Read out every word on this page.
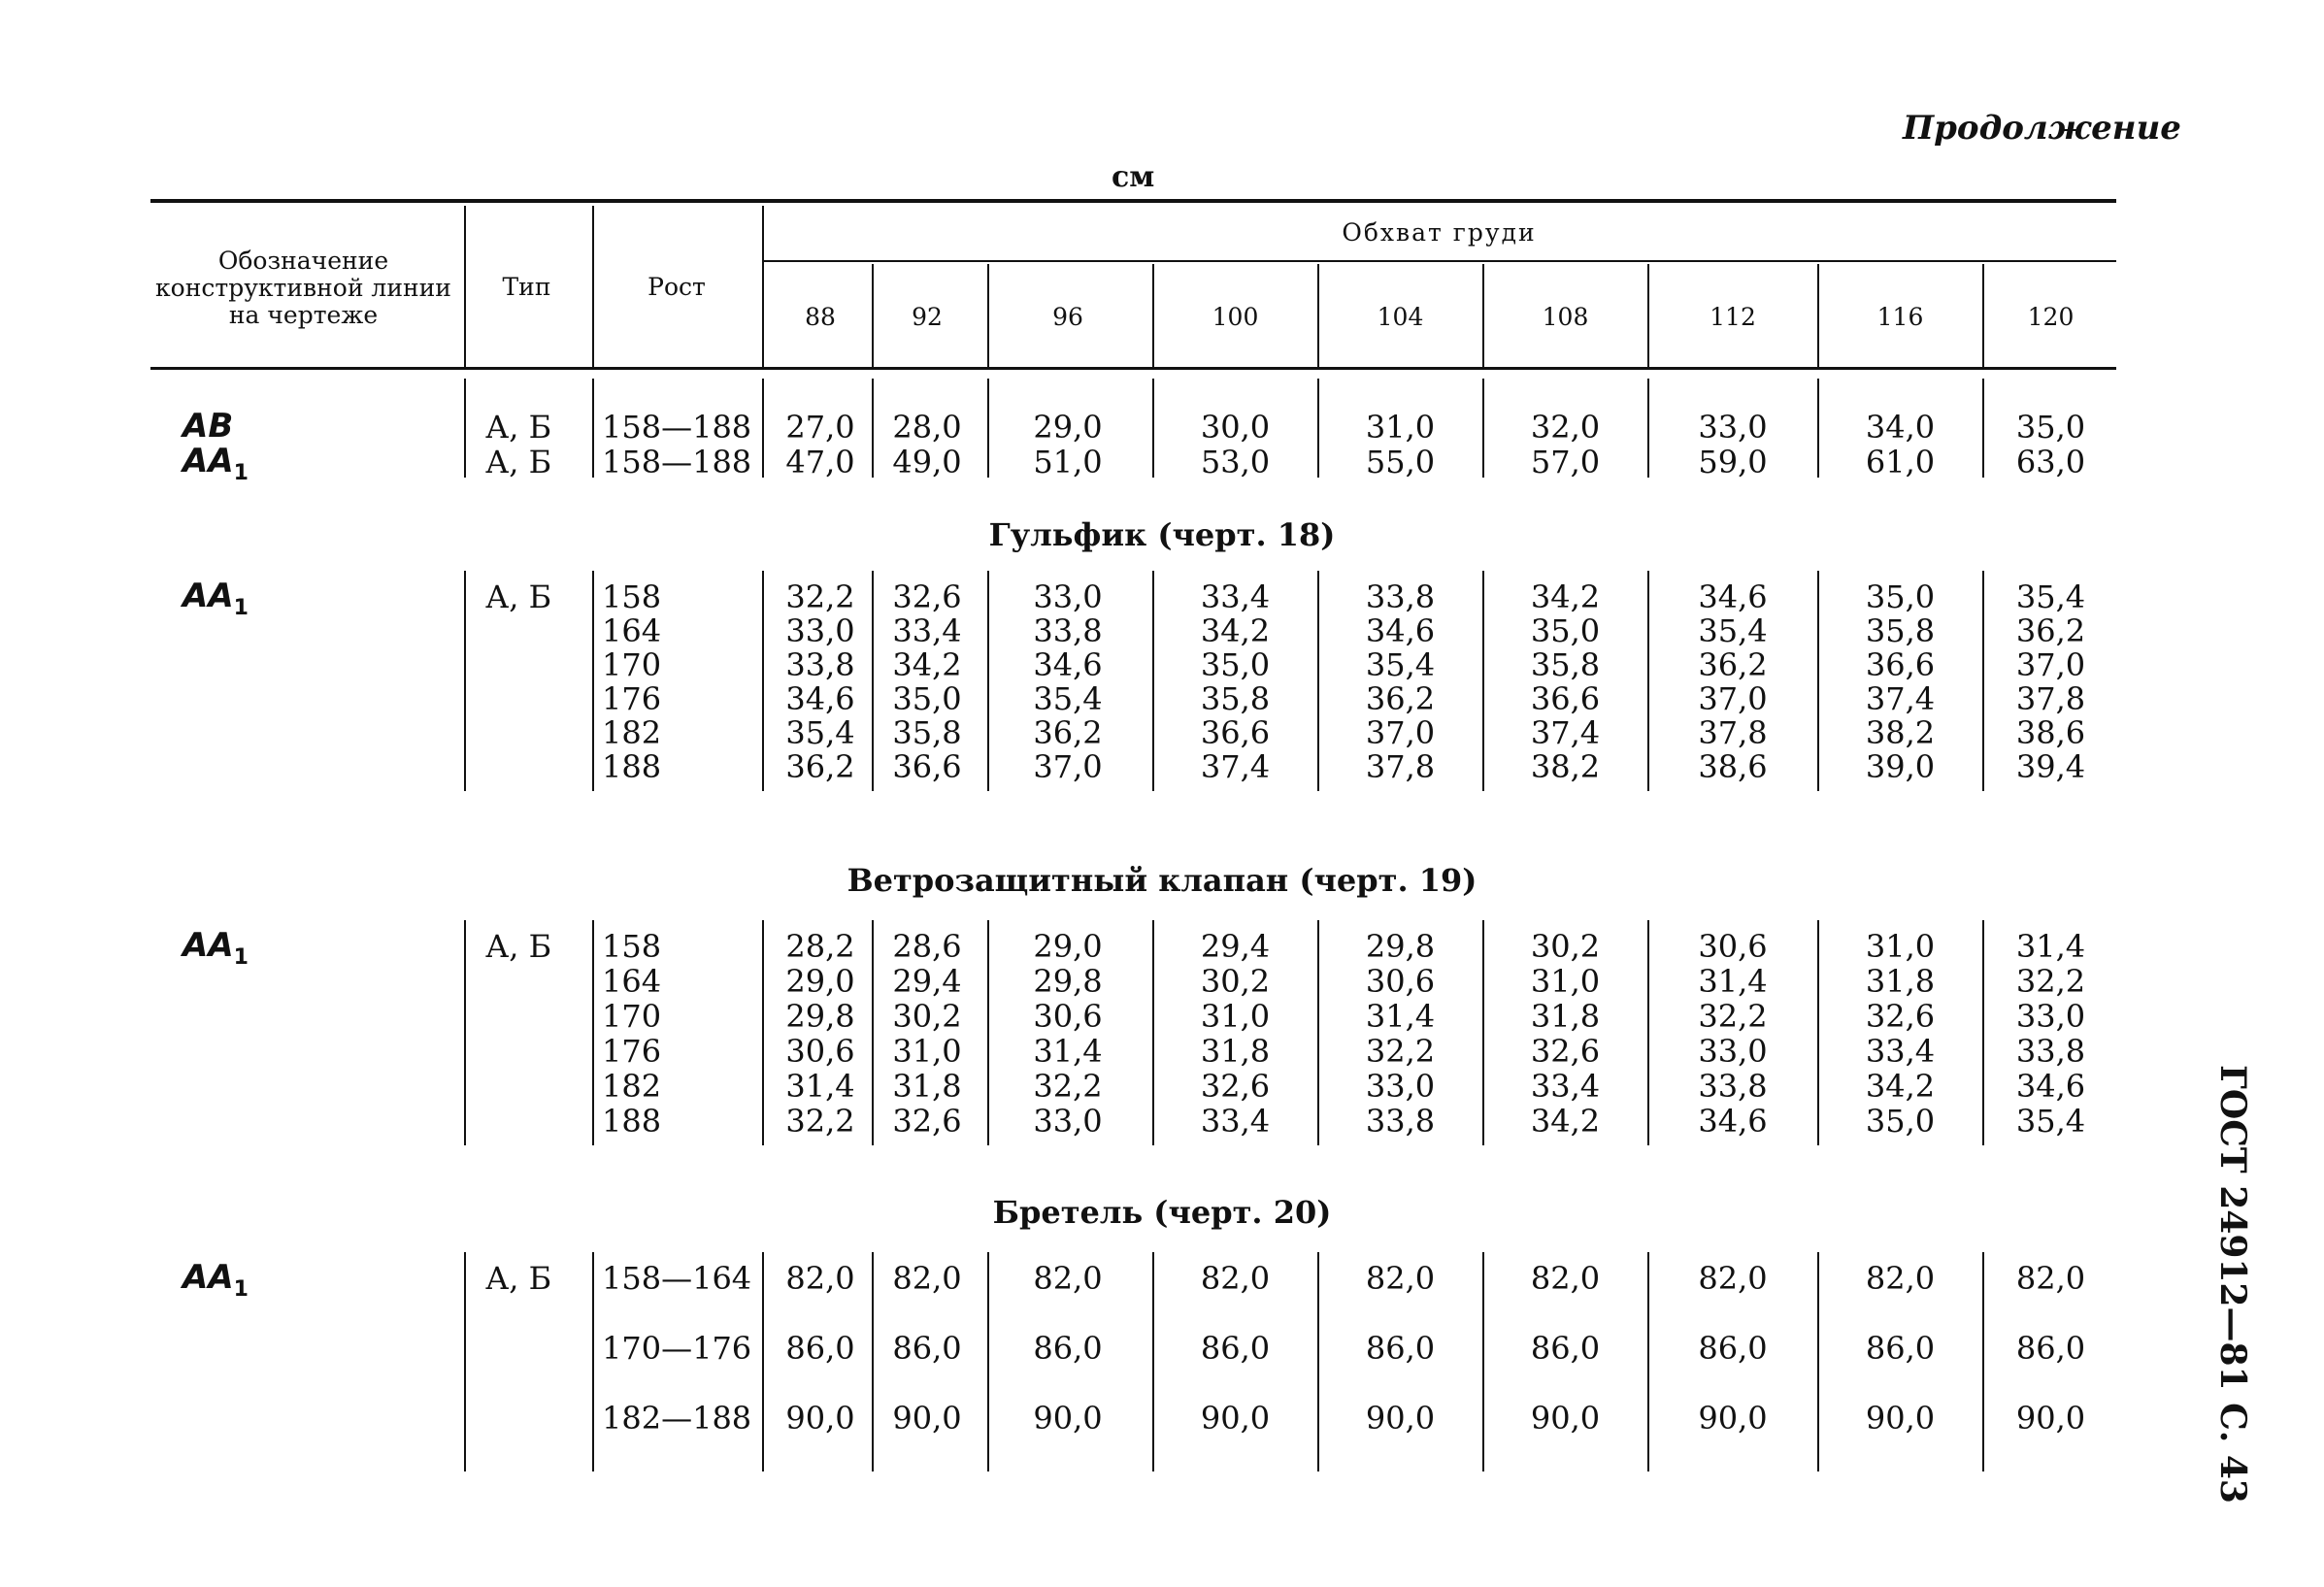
Продолжение
см
Обозначение конструктивной линии на чертеже
Тип	Рост
Обхват груди
88	92	96	100	104	108	112	116	120
AB	А, Б 158—188	27,0	28,0	29,0	30,0	31,0	32,0	33,0	34,0	35,0
$AA_1$	А, Б 158—188	47,0	49,0	51,0	53,0	55,0	57,0	59,0	61,0	63,0
Гульфик (черт. 18)
$AA_1$	А, Б 158	32,2	32,6	33,0	33,4	33,8	34,2	34,6	35,0	35,4
164	33,0	33,4	33,8	34,2	34,6	35,0	35,4	35,8	36,2
170	33,8	34,2	34,6	35,0	35,4	35,8	36,2	36,6	37,0
176	34,6	35,0	35,4	35,8	36,2	36,6	37,0	37,4	37,8
182	35,4	35,8	36,2	36,6	37,0	37,4	37,8	38,2	38,6
188	36,2	36,6	37,0	37,4	37,8	38,2	38,6	39,0	39,4
Ветрозащитный клапан (черт. 19)
$AA_1$	А, Б 158	28,2	28,6	29,0	29,4	29,8	30,2	30,6	31,0	31,4
164	29,0	29,4	29,8	30,2	30,6	31,0	31,4	31,8	32,2
170	29,8	30,2	30,6	31,0	31,4	31,8	32,2	32,6	33,0
176	30,6	31,0	31,4	31,8	32,2	32,6	33,0	33,4	33,8
182	31,4	31,8	32,2	32,6	33,0	33,4	33,8	34,2	34,6
188	32,2	32,6	33,0	33,4	33,8	34,2	34,6	35,0	35,4
Бретель (черт. 20)
$AA_1$	А, Б 158—164	82,0	82,0	82,0	82,0	82,0	82,0	82,0	82,0	82,0
170—176	86,0	86,0	86,0	86,0	86,0	86,0	86,0	86,0	86,0
182—188	90,0	90,0	90,0	90,0	90,0	90,0	90,0	90,0	90,0	ГОСТ 24912—81 С. 43
